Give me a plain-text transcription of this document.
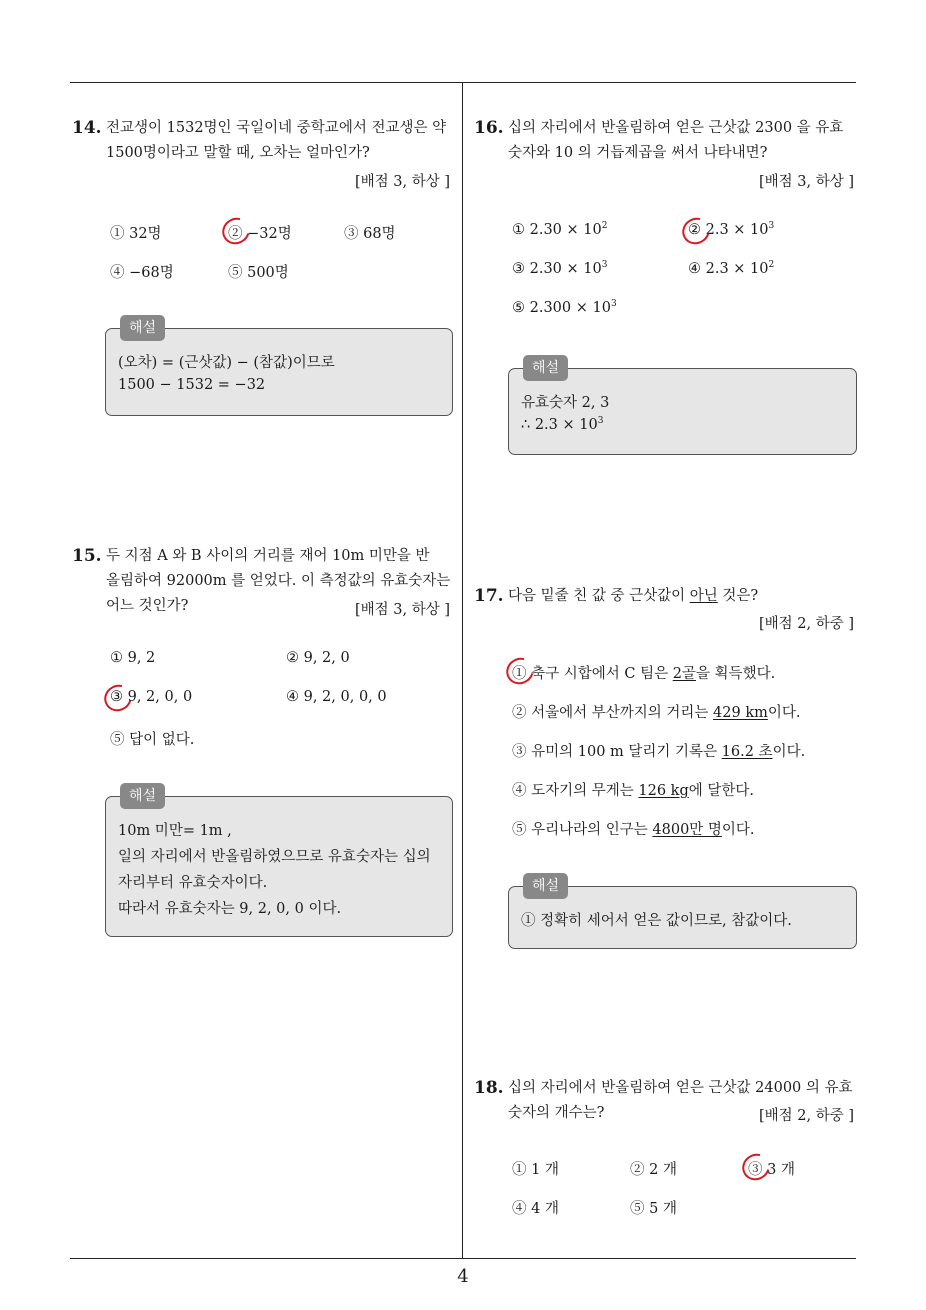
14. 전교생이 1532명인 국일이네 중학교에서 전교생은 약
1500명이라고 말할 때, 오차는 얼마인가?
[배점 3, 하상 ]
① 32명	② −32명	③ 68명
④ −68명	⑤ 500명
해설
(오차) = (근삿값) − (참값)이므로
1500 − 1532 = −32
15. 두 지점 A 와 B 사이의 거리를 재어 10m 미만을 반
올림하여 92000m 를 얻었다. 이 측정값의 유효숫자는
어느 것인가?	[배점 3, 하상 ]
① 9, 2	② 9, 2, 0
③ 9, 2, 0, 0	④ 9, 2, 0, 0, 0
⑤ 답이 없다.
해설
10m 미만= 1m ,
일의 자리에서 반올림하였으므로 유효숫자는 십의
자리부터 유효숫자이다.
따라서 유효숫자는 9, 2, 0, 0 이다.
16. 십의 자리에서 반올림하여 얻은 근삿값 2300 을 유효
숫자와 10 의 거듭제곱을 써서 나타내면?
[배점 3, 하상 ]
① $2.30 \times 10^2$	② $2.3 \times 10^3$
③ $2.30 \times 10^3$	④ $2.3 \times 10^2$
⑤ $2.300 \times 10^3$
해설
유효숫자 2, 3
∴ $2.3 \times 10^3$
17. 다음 밑줄 친 값 중 근삿값이 아닌 것은?
[배점 2, 하중 ]
① 축구 시합에서 C 팀은 2골을 획득했다.
② 서울에서 부산까지의 거리는 429 km이다.
③ 유미의 100 m 달리기 기록은 16.2 초이다.
④ 도자기의 무게는 126 kg에 달한다.
⑤ 우리나라의 인구는 4800만 명이다.
해설
① 정확히 세어서 얻은 값이므로, 참값이다.
18. 십의 자리에서 반올림하여 얻은 근삿값 24000 의 유효
숫자의 개수는?	[배점 2, 하중 ]
① 1 개	② 2 개	③ 3 개
④ 4 개	⑤ 5 개
4
